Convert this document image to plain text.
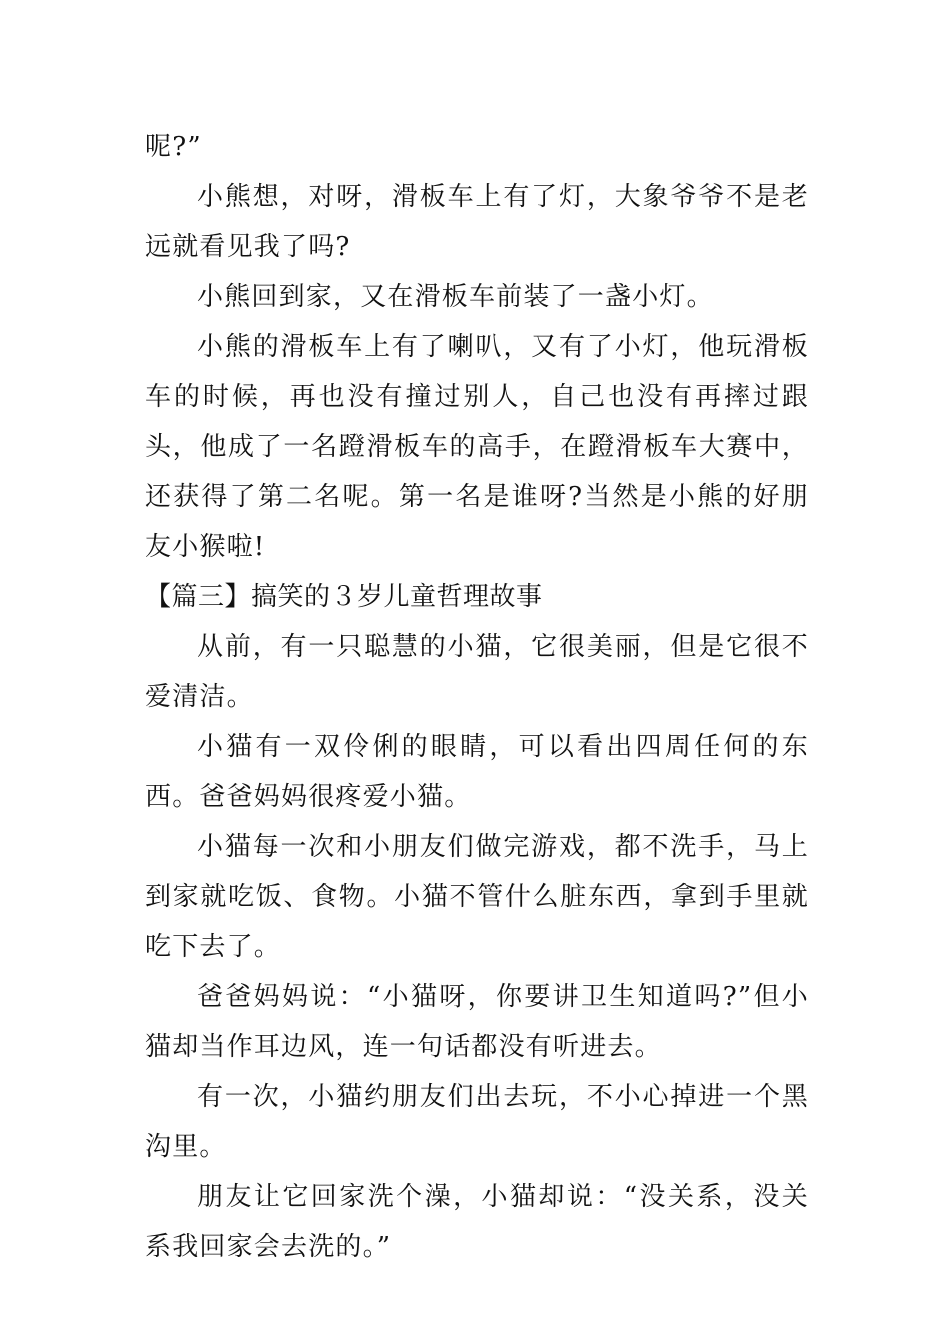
呢?”

小熊想，对呀，滑板车上有了灯，大象爷爷不是老远就看见我了吗?

小熊回到家，又在滑板车前装了一盏小灯。

小熊的滑板车上有了喇叭，又有了小灯，他玩滑板车的时候，再也没有撞过别人，自己也没有再摔过跟头，他成了一名蹬滑板车的高手，在蹬滑板车大赛中，还获得了第二名呢。第一名是谁呀?当然是小熊的好朋友小猴啦!

【篇三】搞笑的３岁儿童哲理故事

从前，有一只聪慧的小猫，它很美丽，但是它很不爱清洁。

小猫有一双伶俐的眼睛，可以看出四周任何的东西。爸爸妈妈很疼爱小猫。

小猫每一次和小朋友们做完游戏，都不洗手，马上到家就吃饭、食物。小猫不管什么脏东西，拿到手里就吃下去了。

爸爸妈妈说：“小猫呀，你要讲卫生知道吗?”但小猫却当作耳边风，连一句话都没有听进去。

有一次，小猫约朋友们出去玩，不小心掉进一个黑沟里。

朋友让它回家洗个澡，小猫却说：“没关系，没关系我回家会去洗的。”
